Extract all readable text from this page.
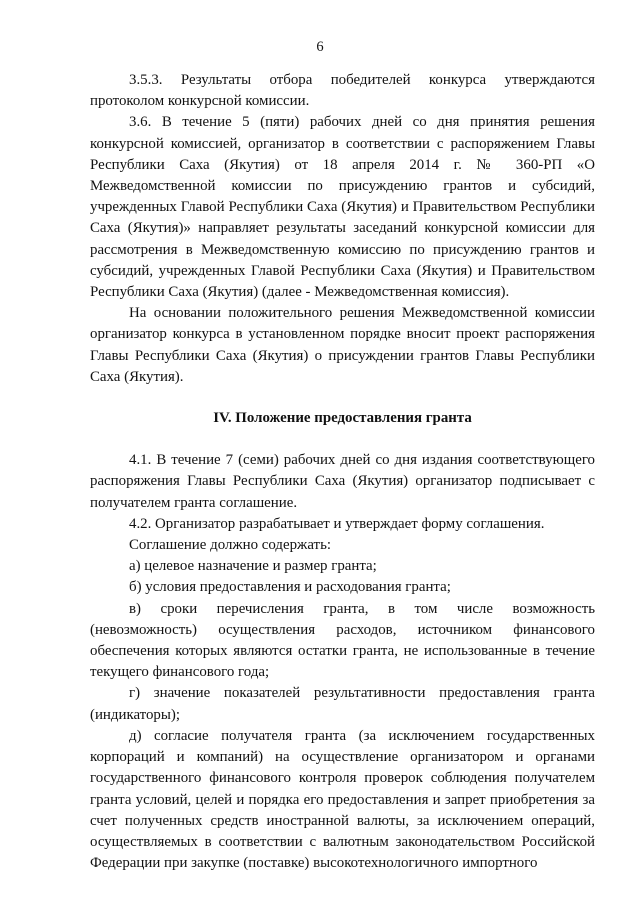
6

3.5.3. Результаты отбора победителей конкурса утверждаются протоколом конкурсной комиссии.

3.6. В течение 5 (пяти) рабочих дней со дня принятия решения конкурсной комиссией, организатор в соответствии с распоряжением Главы Республики Саха (Якутия) от 18 апреля 2014 г. № 360-РП «О Межведомственной комиссии по присуждению грантов и субсидий, учрежденных Главой Республики Саха (Якутия) и Правительством Республики Саха (Якутия)» направляет результаты заседаний конкурсной комиссии для рассмотрения в Межведомственную комиссию по присуждению грантов и субсидий, учрежденных Главой Республики Саха (Якутия) и Правительством Республики Саха (Якутия) (далее - Межведомственная комиссия).

На основании положительного решения Межведомственной комиссии организатор конкурса в установленном порядке вносит проект распоряжения Главы Республики Саха (Якутия) о присуждении грантов Главы Республики Саха (Якутия).

IV. Положение предоставления гранта

4.1. В течение 7 (семи) рабочих дней со дня издания соответствующего распоряжения Главы Республики Саха (Якутия) организатор подписывает с получателем гранта соглашение.

4.2. Организатор разрабатывает и утверждает форму соглашения.

Соглашение должно содержать:

а) целевое назначение и размер гранта;

б) условия предоставления и расходования гранта;

в) сроки перечисления гранта, в том числе возможность (невозможность) осуществления расходов, источником финансового обеспечения которых являются остатки гранта, не использованные в течение текущего финансового года;

г) значение показателей результативности предоставления гранта (индикаторы);

д) согласие получателя гранта (за исключением государственных корпораций и компаний) на осуществление организатором и органами государственного финансового контроля проверок соблюдения получателем гранта условий, целей и порядка его предоставления и запрет приобретения за счет полученных средств иностранной валюты, за исключением операций, осуществляемых в соответствии с валютным законодательством Российской Федерации при закупке (поставке) высокотехнологичного импортного
